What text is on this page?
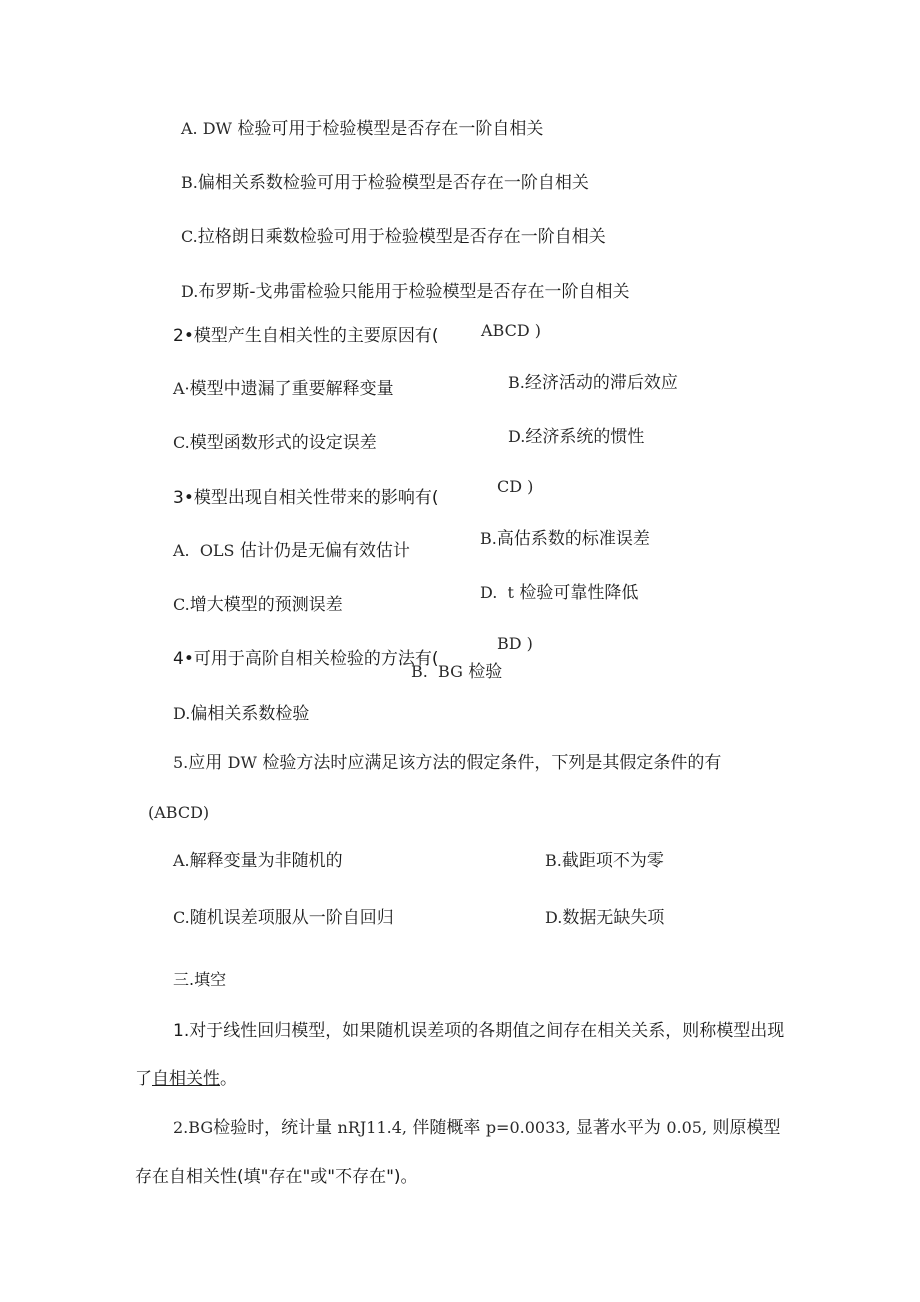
A. DW 检验可用于检验模型是否存在一阶自相关
B.偏相关系数检验可用于检验模型是否存在一阶自相关
C.拉格朗日乘数检验可用于检验模型是否存在一阶自相关
D.布罗斯-戈弗雷检验只能用于检验模型是否存在一阶自相关
2•模型产生自相关性的主要原因有(	ABCD )
A·模型中遗漏了重要解释变量	B.经济活动的滞后效应
C.模型函数形式的设定误差	D.经济系统的惯性
3•模型出现自相关性带来的影响有(
CD )
A.  OLS 估计仍是无偏有效估计
B.高估系数的标准误差
C.增大模型的预测误差
D.  t 检验可靠性降低
BD )
4•可用于高阶自相关检验的方法有(
B.  BG 检验
D.偏相关系数检验
5.应用 DW 检验方法时应满足该方法的假定条件，下列是其假定条件的有
(ABCD)
A.解释变量为非随机的	B.截距项不为零
C.随机误差项服从一阶自回归	D.数据无缺失项
三.填空
1.对于线性回归模型，如果随机误差项的各期值之间存在相关关系，则称模型出现
了自相关性。
2.BG检验时，统计量 nRJ11.4, 伴随概率 p=0.0033, 显著水平为 0.05, 则原模型
存在自相关性(填"存在"或"不存在")。
